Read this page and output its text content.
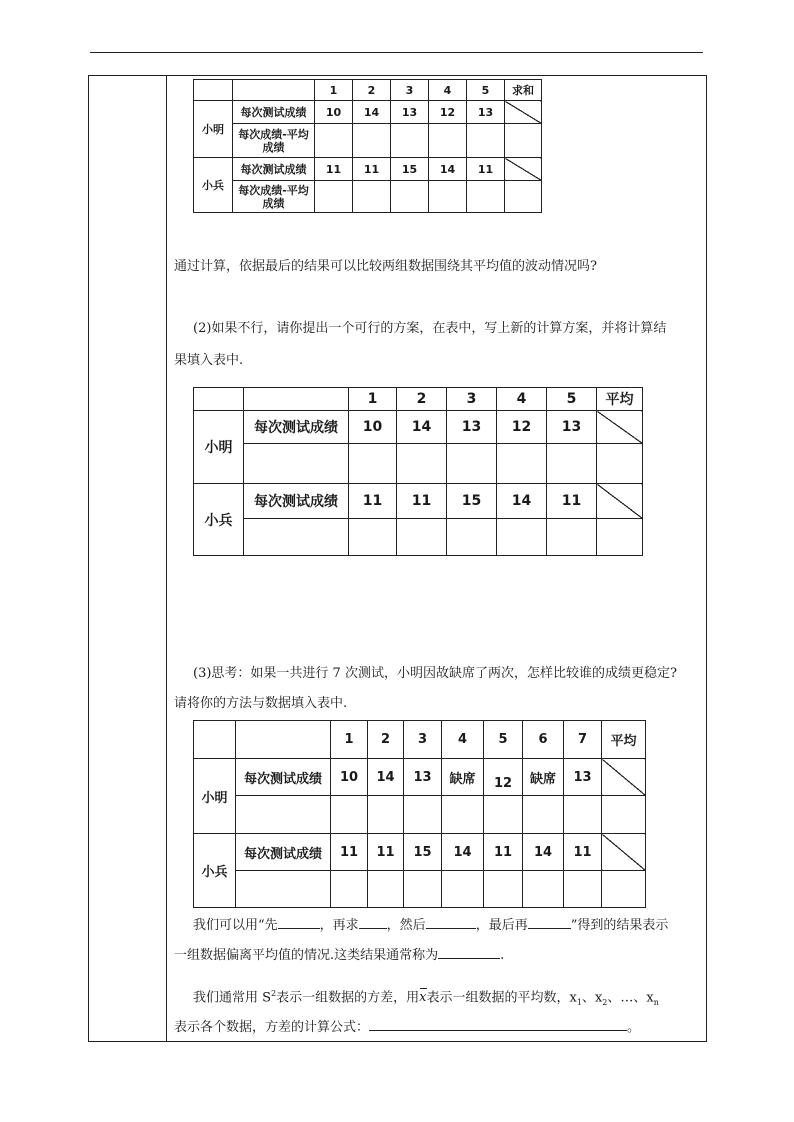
		1	2	3	4	5	求和
小明	每次测试成绩	10	14	13	12	13	
	每次成绩-平均成绩						
小兵	每次测试成绩	11	11	15	14	11	
	每次成绩-平均成绩						
通过计算，依据最后的结果可以比较两组数据围绕其平均值的波动情况吗?
(2)如果不行，请你提出一个可行的方案，在表中，写上新的计算方案，并将计算结
果填入表中.
		1	2	3	4	5	平均
小明	每次测试成绩	10	14	13	12	13	

小兵	每次测试成绩	11	11	15	14	11	

(3)思考：如果一共进行 7 次测试，小明因故缺席了两次，怎样比较谁的成绩更稳定?
请将你的方法与数据填入表中.
		1	2	3	4	5	6	7	平均
小明	每次测试成绩	10	14	13	缺席	12	缺席	13	

小兵	每次测试成绩	11	11	15	14	11	14	11	

我们可以用“先	，再求 ，然后	，最后再	”得到的结果表示
一组数据偏离平均值的情况.这类结果通常称为	.
我们通常用 $S^2$表示一组数据的方差，用x表示一组数据的平均数，$x_1$、$x_2$、…、$x_n$
表示各个数据，方差的计算公式：	。
